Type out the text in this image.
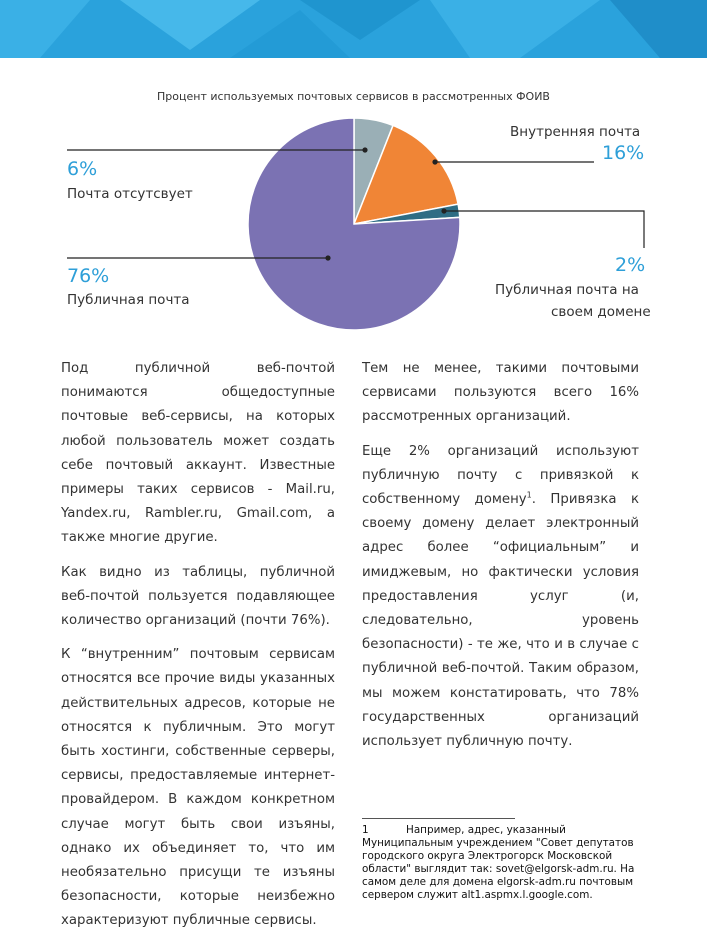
Процент используемых почтовых сервисов в рассмотренных ФОИВ
6%
Почта отсутсвует
Внутренняя почта
16%
2%
Публичная почта на
своем домене
76%
Публичная почта

Под публичной веб-почтой понимаются общедоступные почтовые веб-сервисы, на которых любой пользователь может создать себе почтовый аккаунт. Известные примеры таких сервисов - Mail.ru, Yandex.ru, Rambler.ru, Gmail.com, а также многие другие.

Как видно из таблицы, публичной веб-почтой пользуется подавляющее количество организаций (почти 76%).

К “внутренним” почтовым сервисам относятся все прочие виды указанных действительных адресов, которые не относятся к публичным. Это могут быть хостинги, собственные серверы, сервисы, предоставляемые интернет-провайдером. В каждом конкретном случае могут быть свои изъяны, однако их объединяет то, что им необязательно присущи те изъяны безопасности, которые неизбежно характеризуют публичные сервисы.

Тем не менее, такими почтовыми сервисами пользуются всего 16% рассмотренных организаций.

Еще 2% организаций используют публичную почту с привязкой к собственному домену$^1$. Привязка к своему домену делает электронный адрес более “официальным” и имиджевым, но фактически условия предоставления услуг (и, следовательно, уровень безопасности) - те же, что и в случае с публичной веб-почтой. Таким образом, мы можем констатировать, что 78% государственных организаций использует публичную почту.

1	Например, адрес, указанный Муниципальным учреждением "Совет депутатов городского округа Электрогорск Московской области" выглядит так: sovet@elgorsk-adm.ru. На самом деле для домена elgorsk-adm.ru почтовым сервером служит alt1.aspmx.l.google.com.
